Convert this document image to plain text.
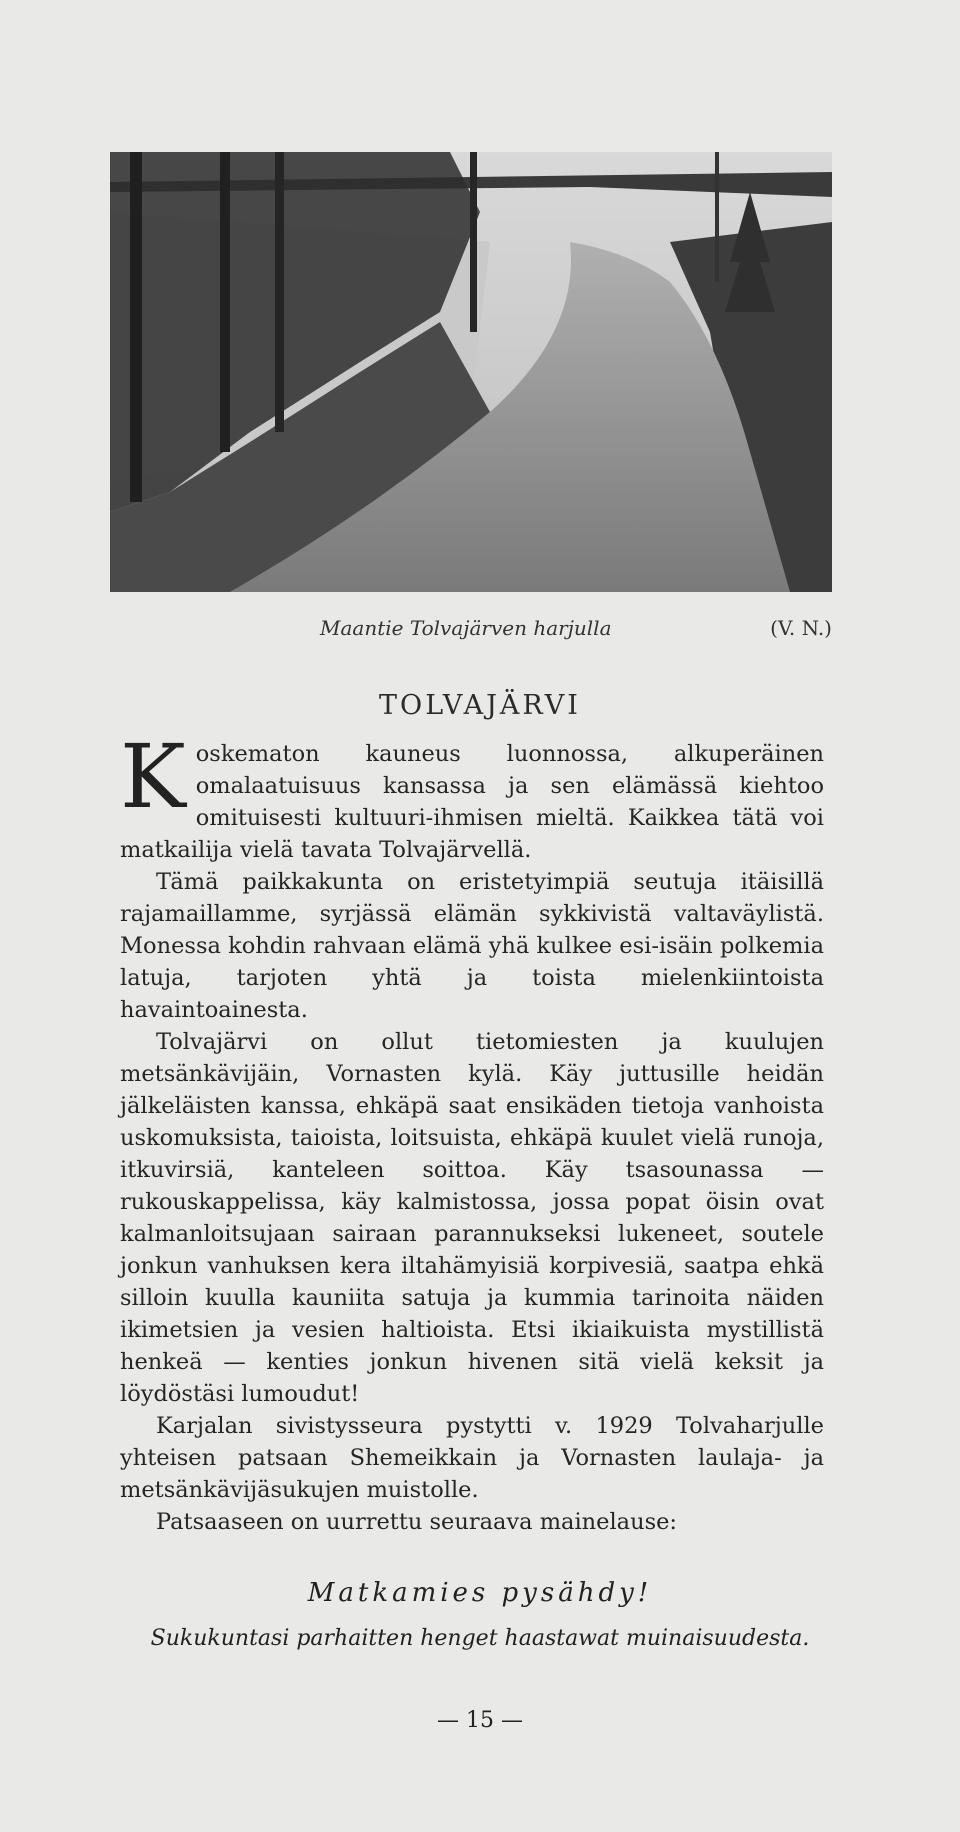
Maantie Tolvajärven harjulla	(V. N.)
TOLVAJÄRVI

Koskematon kauneus luonnossa, alkuperäinen omalaatuisuus kansassa ja sen elämässä kiehtoo omituisesti kultuuri-ihmisen mieltä. Kaikkea tätä voi matkailija vielä tavata Tolvajärvellä.

Tämä paikkakunta on eristetyimpiä seutuja itäisillä rajamaillamme, syrjässä elämän sykkivistä valtaväylistä. Monessa kohdin rahvaan elämä yhä kulkee esi-isäin polkemia latuja, tarjoten yhtä ja toista mielenkiintoista havaintoainesta.

Tolvajärvi on ollut tietomiesten ja kuulujen metsänkävijäin, Vornasten kylä. Käy juttusille heidän jälkeläisten kanssa, ehkäpä saat ensikäden tietoja vanhoista uskomuksista, taioista, loitsuista, ehkäpä kuulet vielä runoja, itkuvirsiä, kanteleen soittoa. Käy tsasounassa — rukouskappelissa, käy kalmistossa, jossa popat öisin ovat kalmanloitsujaan sairaan parannukseksi lukeneet, soutele jonkun vanhuksen kera iltahämyisiä korpivesiä, saatpa ehkä silloin kuulla kauniita satuja ja kummia tarinoita näiden ikimetsien ja vesien haltioista. Etsi ikiaikuista mystillistä henkeä — kenties jonkun hivenen sitä vielä keksit ja löydöstäsi lumoudut!

Karjalan sivistysseura pystytti v. 1929 Tolvaharjulle yhteisen patsaan Shemeikkain ja Vornasten laulaja- ja metsänkävijäsukujen muistolle.

Patsaaseen on uurrettu seuraava mainelause:

Matkamies pysähdy!
Sukukuntasi parhaitten henget haastawat muinaisuudesta.
— 15 —
